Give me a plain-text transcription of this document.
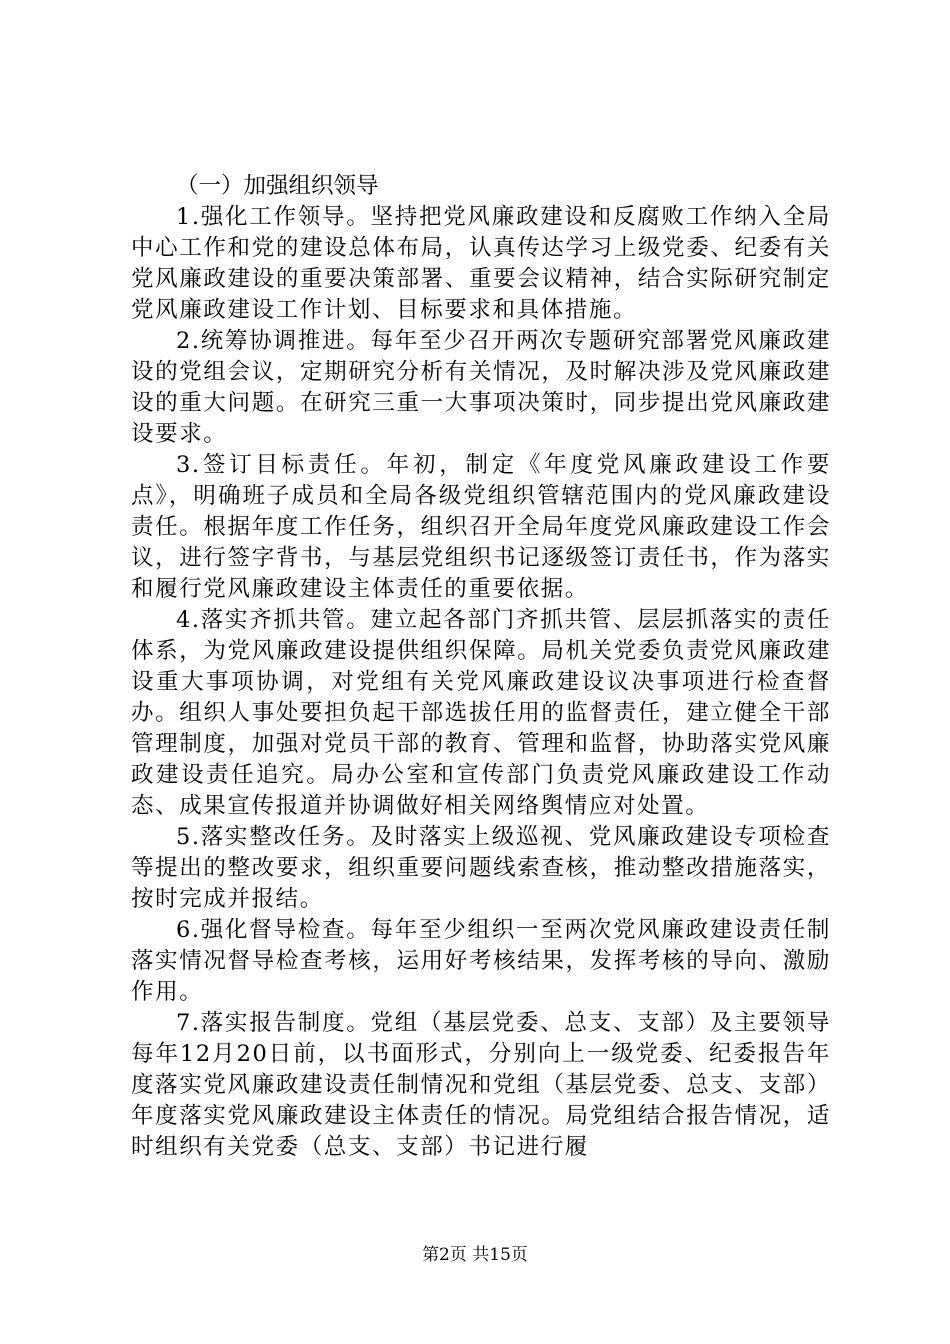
（一）加强组织领导

1.强化工作领导。坚持把党风廉政建设和反腐败工作纳入全局中心工作和党的建设总体布局，认真传达学习上级党委、纪委有关党风廉政建设的重要决策部署、重要会议精神，结合实际研究制定党风廉政建设工作计划、目标要求和具体措施。

2.统筹协调推进。每年至少召开两次专题研究部署党风廉政建设的党组会议，定期研究分析有关情况，及时解决涉及党风廉政建设的重大问题。在研究三重一大事项决策时，同步提出党风廉政建设要求。

3.签订目标责任。年初，制定《年度党风廉政建设工作要点》，明确班子成员和全局各级党组织管辖范围内的党风廉政建设责任。根据年度工作任务，组织召开全局年度党风廉政建设工作会议，进行签字背书，与基层党组织书记逐级签订责任书，作为落实和履行党风廉政建设主体责任的重要依据。

4.落实齐抓共管。建立起各部门齐抓共管、层层抓落实的责任体系，为党风廉政建设提供组织保障。局机关党委负责党风廉政建设重大事项协调，对党组有关党风廉政建设议决事项进行检查督办。组织人事处要担负起干部选拔任用的监督责任，建立健全干部管理制度，加强对党员干部的教育、管理和监督，协助落实党风廉政建设责任追究。局办公室和宣传部门负责党风廉政建设工作动态、成果宣传报道并协调做好相关网络舆情应对处置。

5.落实整改任务。及时落实上级巡视、党风廉政建设专项检查等提出的整改要求，组织重要问题线索查核，推动整改措施落实，按时完成并报结。

6.强化督导检查。每年至少组织一至两次党风廉政建设责任制落实情况督导检查考核，运用好考核结果，发挥考核的导向、激励作用。

7.落实报告制度。党组（基层党委、总支、支部）及主要领导每年12月20日前，以书面形式，分别向上一级党委、纪委报告年度落实党风廉政建设责任制情况和党组（基层党委、总支、支部）年度落实党风廉政建设主体责任的情况。局党组结合报告情况，适时组织有关党委（总支、支部）书记进行履

第2页 共15页
